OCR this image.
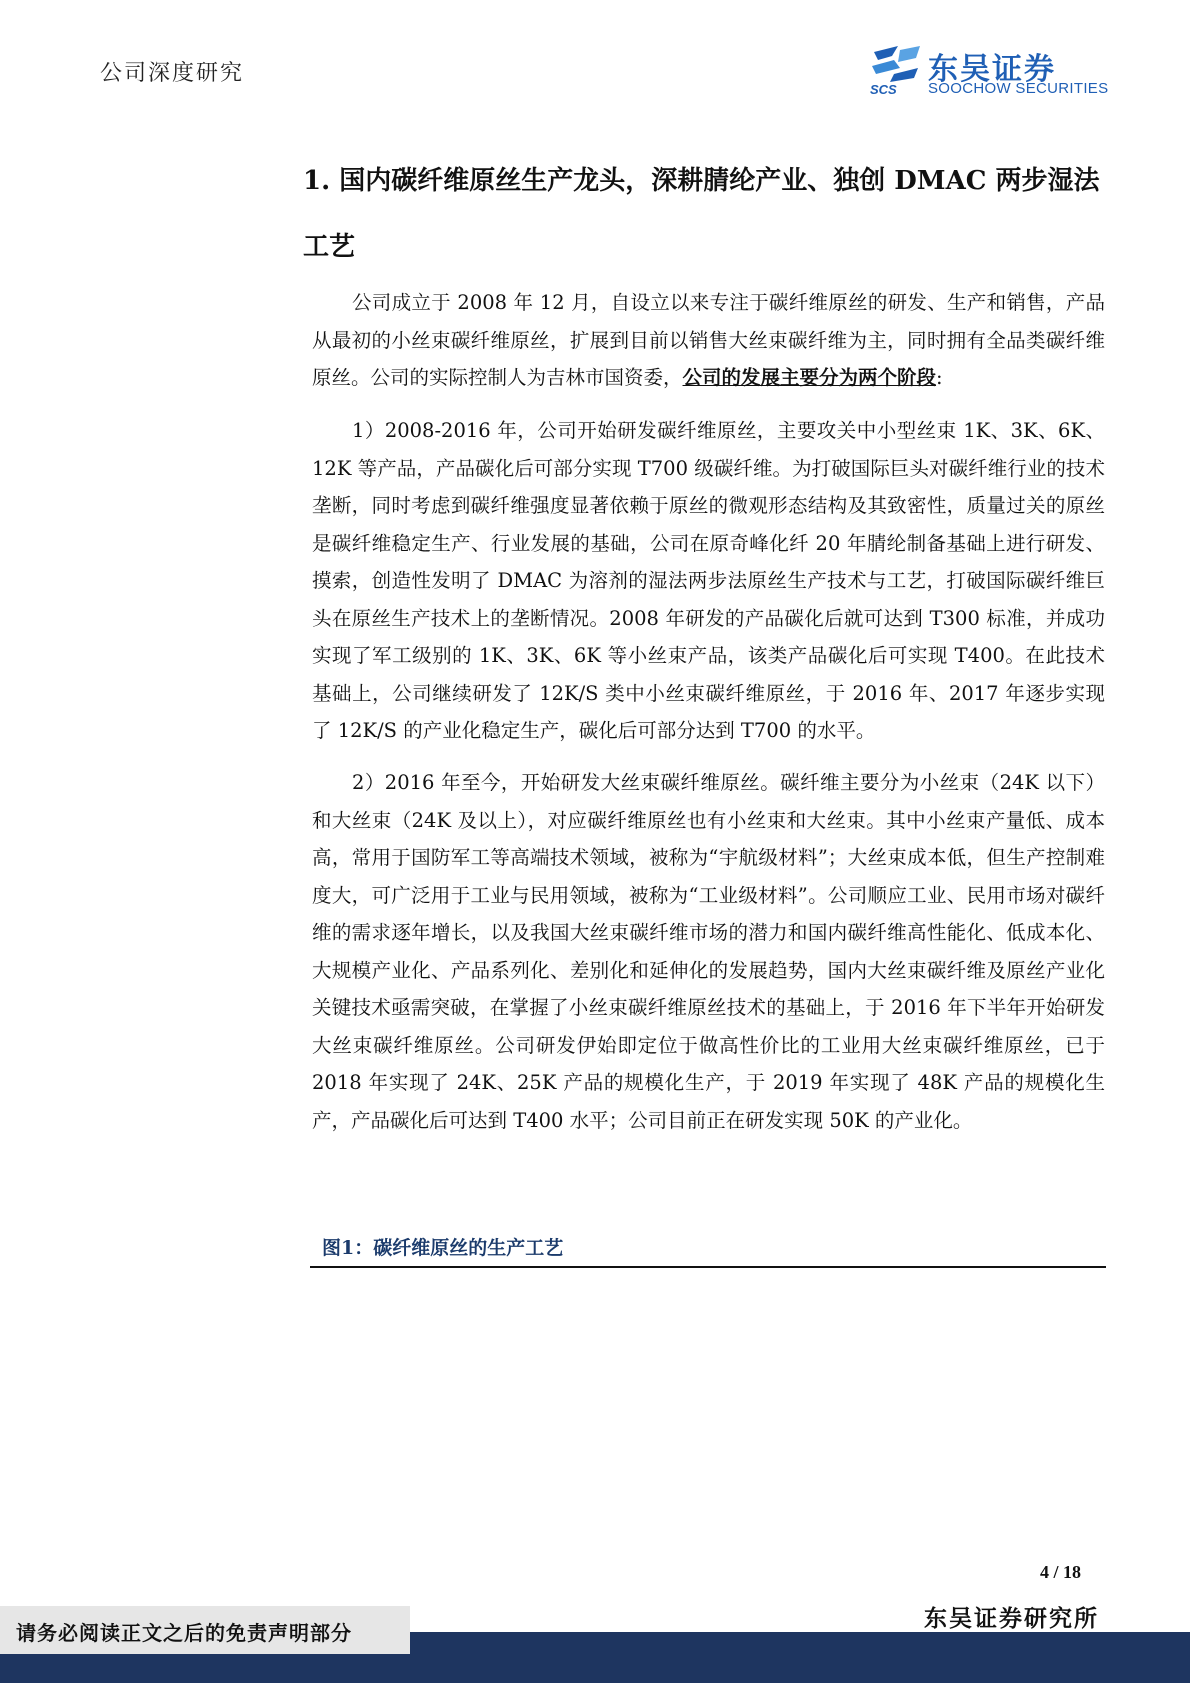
公司深度研究
SCS
东吴证券
SOOCHOW SECURITIES
1. 国内碳纤维原丝生产龙头，深耕腈纶产业、独创 DMAC 两步湿法工艺

公司成立于 2008 年 12 月，自设立以来专注于碳纤维原丝的研发、生产和销售，产品从最初的小丝束碳纤维原丝，扩展到目前以销售大丝束碳纤维为主，同时拥有全品类碳纤维原丝。公司的实际控制人为吉林市国资委，公司的发展主要分为两个阶段:

1）2008-2016 年，公司开始研发碳纤维原丝，主要攻关中小型丝束 1K、3K、6K、12K 等产品，产品碳化后可部分实现 T700 级碳纤维。为打破国际巨头对碳纤维行业的技术垄断，同时考虑到碳纤维强度显著依赖于原丝的微观形态结构及其致密性，质量过关的原丝是碳纤维稳定生产、行业发展的基础，公司在原奇峰化纤 20 年腈纶制备基础上进行研发、摸索，创造性发明了 DMAC 为溶剂的湿法两步法原丝生产技术与工艺，打破国际碳纤维巨头在原丝生产技术上的垄断情况。2008 年研发的产品碳化后就可达到 T300 标准，并成功实现了军工级别的 1K、3K、6K 等小丝束产品，该类产品碳化后可实现 T400。在此技术基础上，公司继续研发了 12K/S 类中小丝束碳纤维原丝，于 2016 年、2017 年逐步实现了 12K/S 的产业化稳定生产，碳化后可部分达到 T700 的水平。

2）2016 年至今，开始研发大丝束碳纤维原丝。碳纤维主要分为小丝束（24K 以下）和大丝束（24K 及以上），对应碳纤维原丝也有小丝束和大丝束。其中小丝束产量低、成本高，常用于国防军工等高端技术领域，被称为“宇航级材料”；大丝束成本低，但生产控制难度大，可广泛用于工业与民用领域，被称为“工业级材料”。公司顺应工业、民用市场对碳纤维的需求逐年增长，以及我国大丝束碳纤维市场的潜力和国内碳纤维高性能化、低成本化、大规模产业化、产品系列化、差别化和延伸化的发展趋势，国内大丝束碳纤维及原丝产业化关键技术亟需突破，在掌握了小丝束碳纤维原丝技术的基础上，于 2016 年下半年开始研发大丝束碳纤维原丝。公司研发伊始即定位于做高性价比的工业用大丝束碳纤维原丝，已于 2018 年实现了 24K、25K 产品的规模化生产，于 2019 年实现了 48K 产品的规模化生产，产品碳化后可达到 T400 水平；公司目前正在研发实现 50K 的产业化。

图1：碳纤维原丝的生产工艺
4 / 18
请务必阅读正文之后的免责声明部分
东吴证券研究所
